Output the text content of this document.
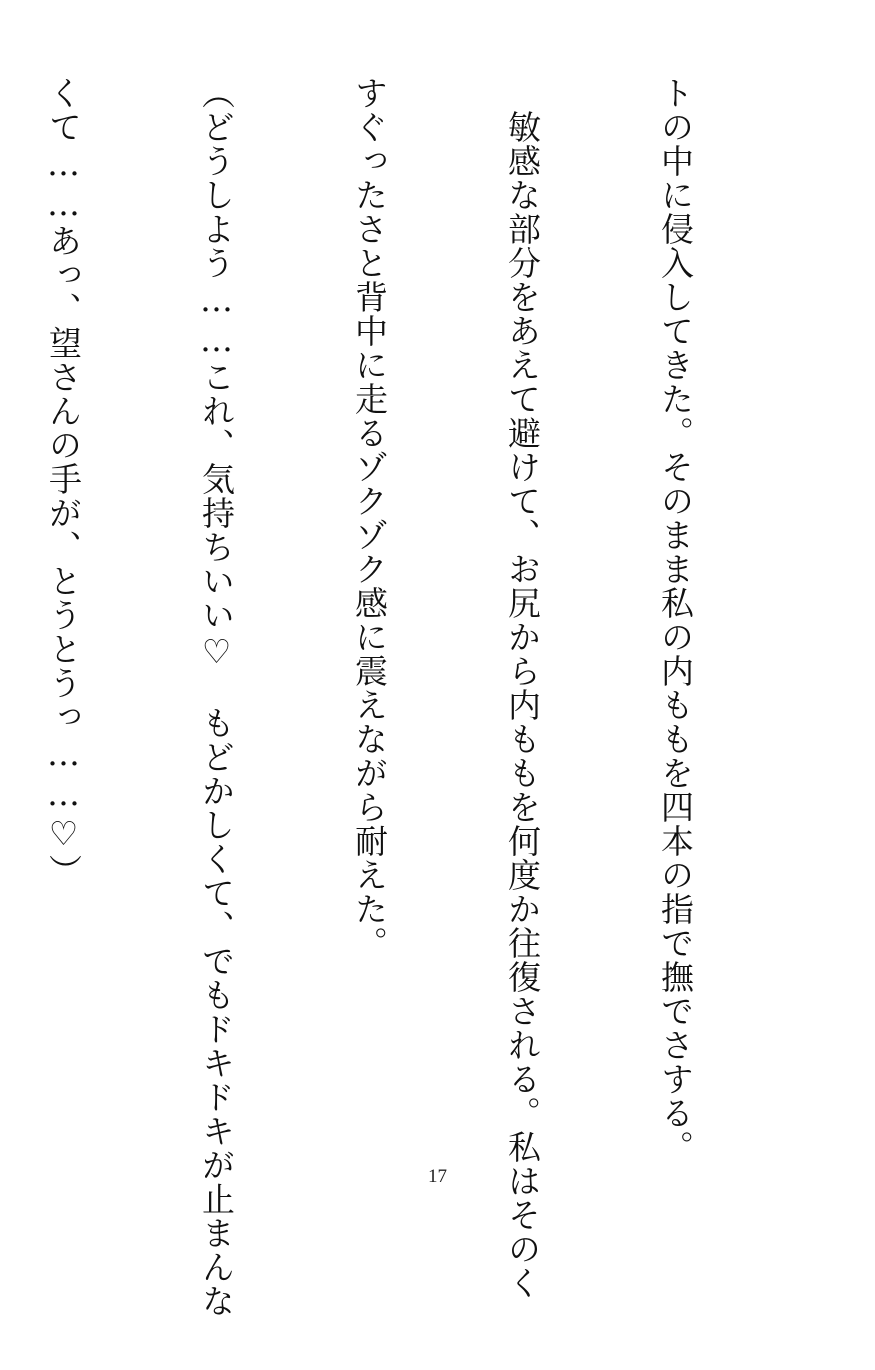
トの中に侵入してきた。そのまま私の内ももを四本の指で撫でさする。

　敏感な部分をあえて避けて、お尻から内ももを何度か往復される。私はそのく

すぐったさと背中に走るゾクゾク感に震えながら耐えた。

（どうしよう……これ、気持ちいい♡　もどかしくて、でもドキドキが止まんな

くて……あっ、望さんの手が、とうとうっ……♡）

17
